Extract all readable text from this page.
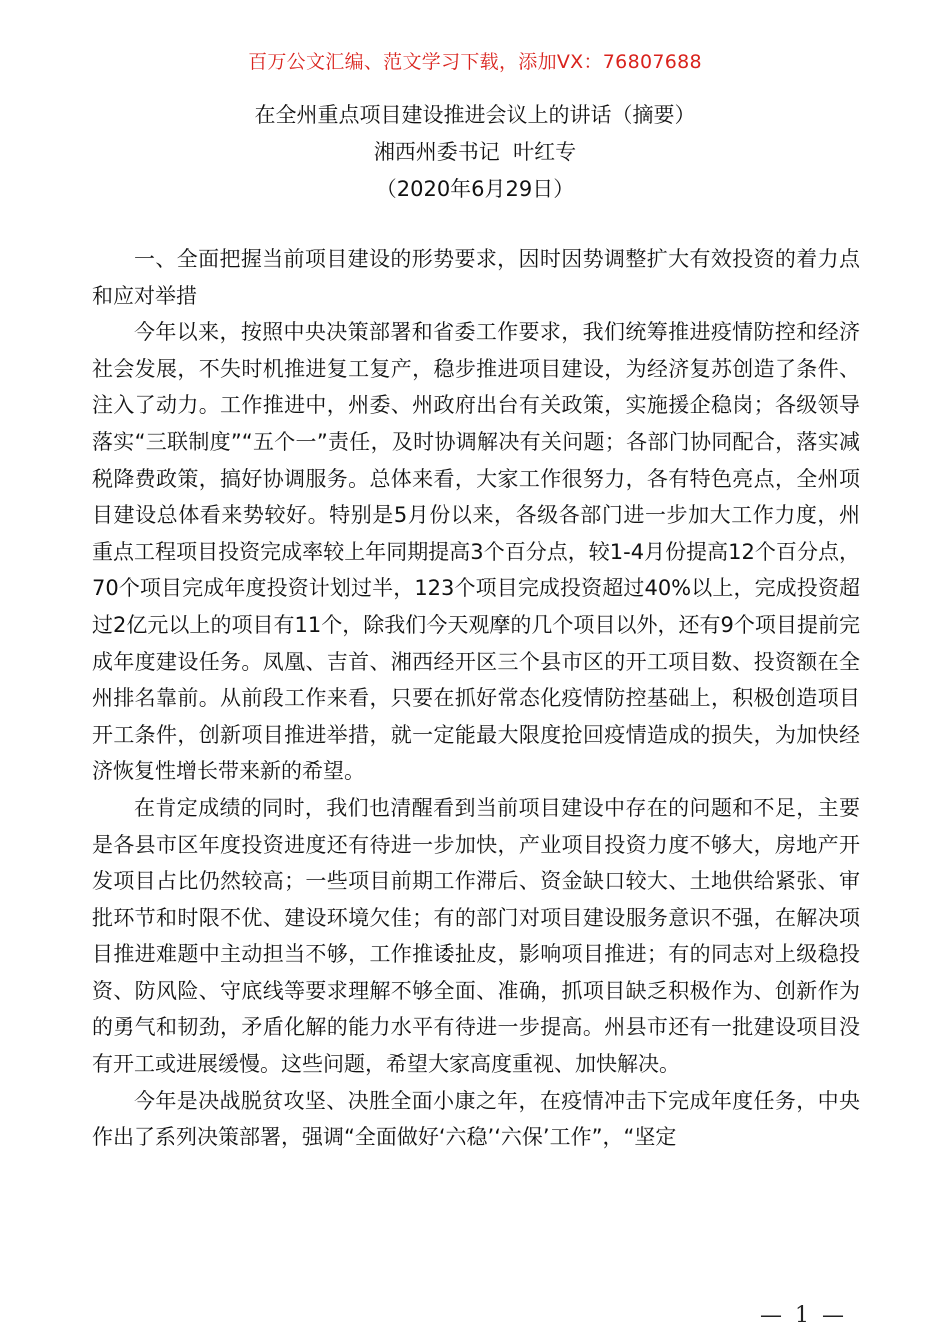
百万公文汇编、范文学习下载，添加VX：76807688
在全州重点项目建设推进会议上的讲话（摘要）
湘西州委书记  叶红专
（2020年6月29日）

一、全面把握当前项目建设的形势要求，因时因势调整扩大有效投资的着力点和应对举措

今年以来，按照中央决策部署和省委工作要求，我们统筹推进疫情防控和经济社会发展，不失时机推进复工复产，稳步推进项目建设，为经济复苏创造了条件、注入了动力。工作推进中，州委、州政府出台有关政策，实施援企稳岗；各级领导落实“三联制度”“五个一”责任，及时协调解决有关问题；各部门协同配合，落实减税降费政策，搞好协调服务。总体来看，大家工作很努力，各有特色亮点，全州项目建设总体看来势较好。特别是5月份以来，各级各部门进一步加大工作力度，州重点工程项目投资完成率较上年同期提高3个百分点，较1-4月份提高12个百分点，70个项目完成年度投资计划过半，123个项目完成投资超过40%以上，完成投资超过2亿元以上的项目有11个，除我们今天观摩的几个项目以外，还有9个项目提前完成年度建设任务。凤凰、吉首、湘西经开区三个县市区的开工项目数、投资额在全州排名靠前。从前段工作来看，只要在抓好常态化疫情防控基础上，积极创造项目开工条件，创新项目推进举措，就一定能最大限度抢回疫情造成的损失，为加快经济恢复性增长带来新的希望。

在肯定成绩的同时，我们也清醒看到当前项目建设中存在的问题和不足，主要是各县市区年度投资进度还有待进一步加快，产业项目投资力度不够大，房地产开发项目占比仍然较高；一些项目前期工作滞后、资金缺口较大、土地供给紧张、审批环节和时限不优、建设环境欠佳；有的部门对项目建设服务意识不强，在解决项目推进难题中主动担当不够，工作推诿扯皮，影响项目推进；有的同志对上级稳投资、防风险、守底线等要求理解不够全面、准确，抓项目缺乏积极作为、创新作为的勇气和韧劲，矛盾化解的能力水平有待进一步提高。州县市还有一批建设项目没有开工或进展缓慢。这些问题，希望大家高度重视、加快解决。

今年是决战脱贫攻坚、决胜全面小康之年，在疫情冲击下完成年度任务，中央作出了系列决策部署，强调“全面做好‘六稳’‘六保’工作”，“坚定

— 1 —
